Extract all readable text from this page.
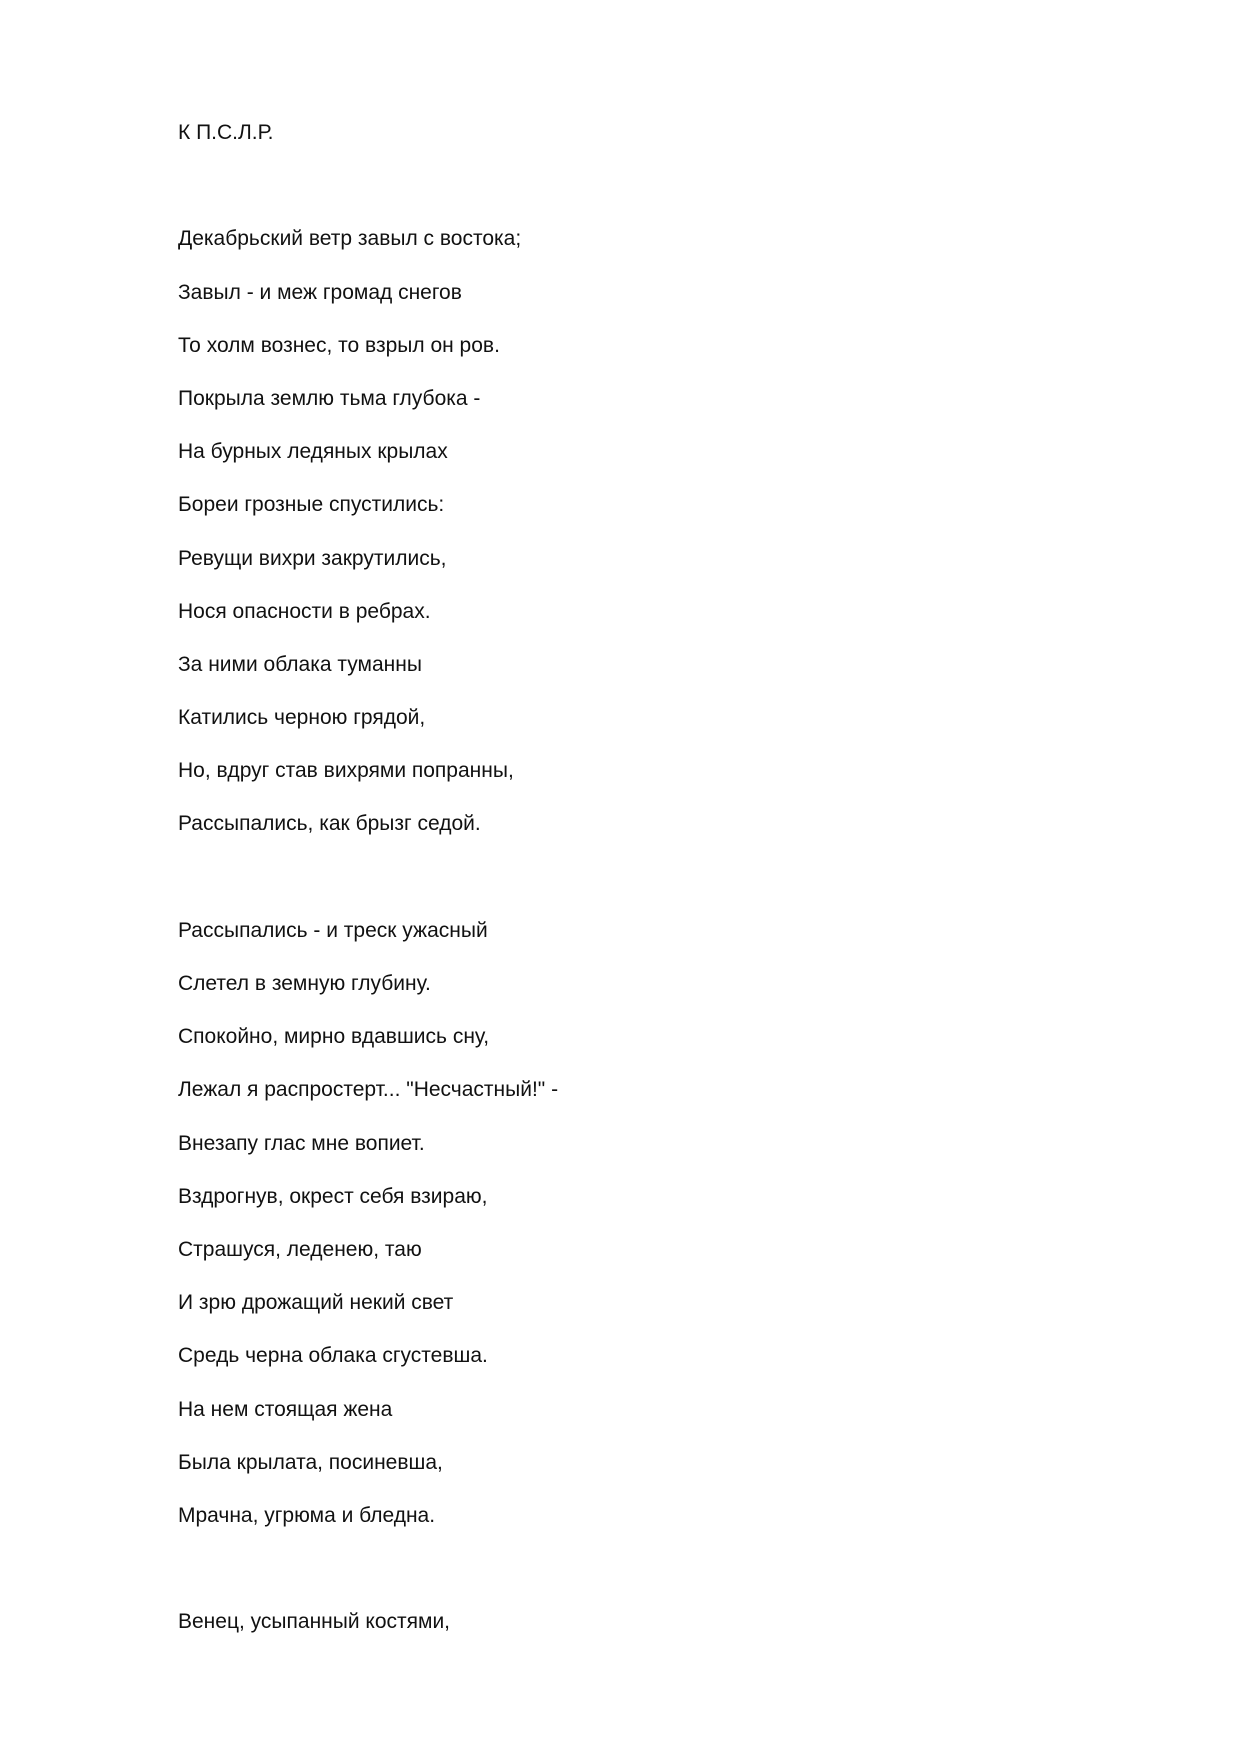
К П.С.Л.Р.
Декабрьский ветр завыл с востока;
Завыл - и меж громад снегов
То холм вознес, то взрыл он ров.
Покрыла землю тьма глубока -
На бурных ледяных крылах
Бореи грозные спустились:
Ревущи вихри закрутились,
Нося опасности в ребрах.
За ними облака туманны
Катились черною грядой,
Но, вдруг став вихрями попранны,
Рассыпались, как брызг седой.
Рассыпались - и треск ужасный
Слетел в земную глубину.
Спокойно, мирно вдавшись сну,
Лежал я распростерт... "Несчастный!" -
Внезапу глас мне вопиет.
Вздрогнув, окрест себя взираю,
Страшуся, леденею, таю
И зрю дрожащий некий свет
Средь черна облака сгустевша.
На нем стоящая жена
Была крылата, посиневша,
Мрачна, угрюма и бледна.
Венец, усыпанный костями,
